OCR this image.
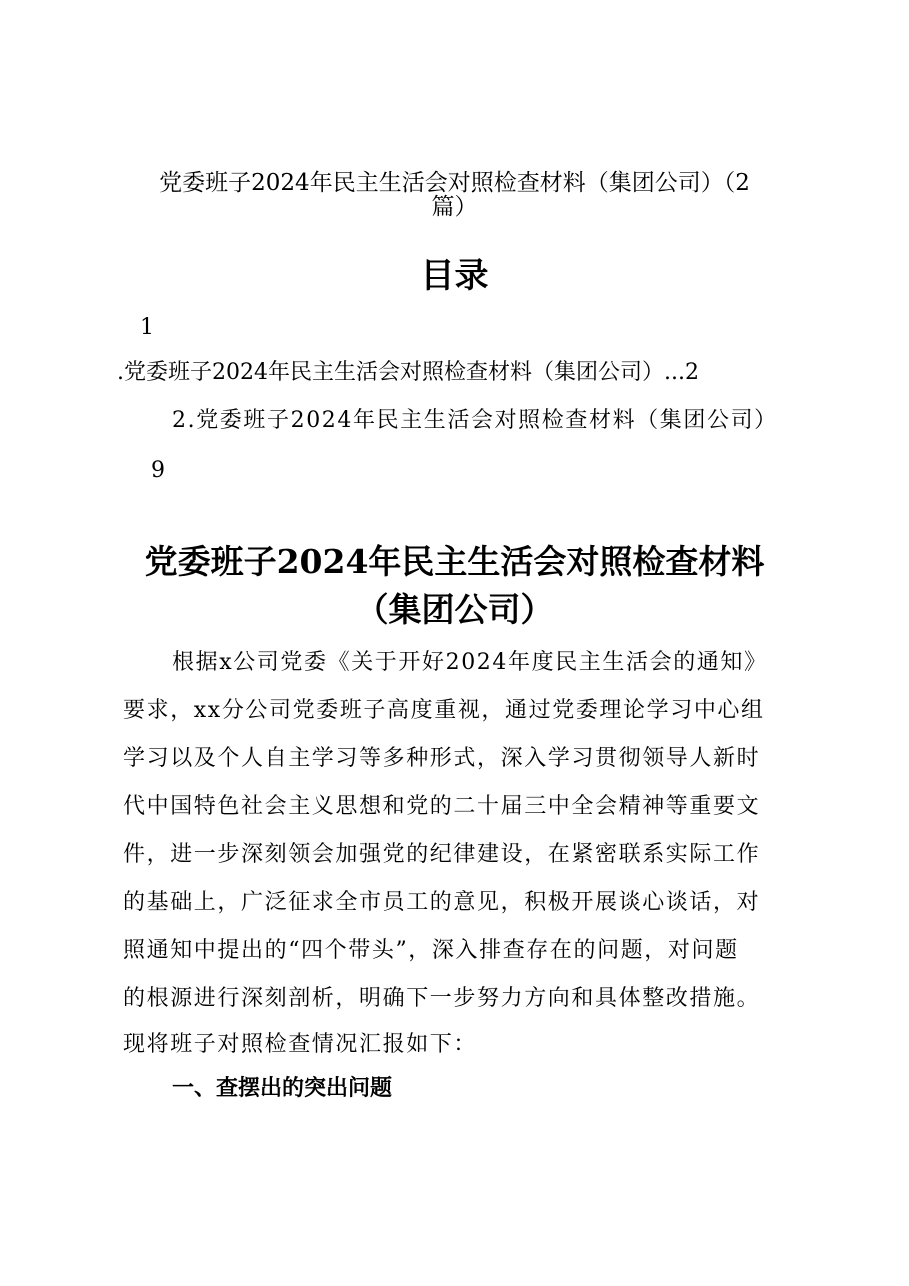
党委班子2024年民主生活会对照检查材料（集团公司）（2
篇）
目录
1
.党委班子2024年民主生活会对照检查材料（集团公司）...2
2.党委班子2024年民主生活会对照检查材料（集团公司）
9
党委班子2024年民主生活会对照检查材料
（集团公司）
根据x公司党委《关于开好2024年度民主生活会的通知》
要求，xx分公司党委班子高度重视，通过党委理论学习中心组
学习以及个人自主学习等多种形式，深入学习贯彻领导人新时
代中国特色社会主义思想和党的二十届三中全会精神等重要文
件，进一步深刻领会加强党的纪律建设，在紧密联系实际工作
的基础上，广泛征求全市员工的意见，积极开展谈心谈话，对
照通知中提出的“四个带头”，深入排查存在的问题，对问题
的根源进行深刻剖析，明确下一步努力方向和具体整改措施。
现将班子对照检查情况汇报如下：
一、查摆出的突出问题
